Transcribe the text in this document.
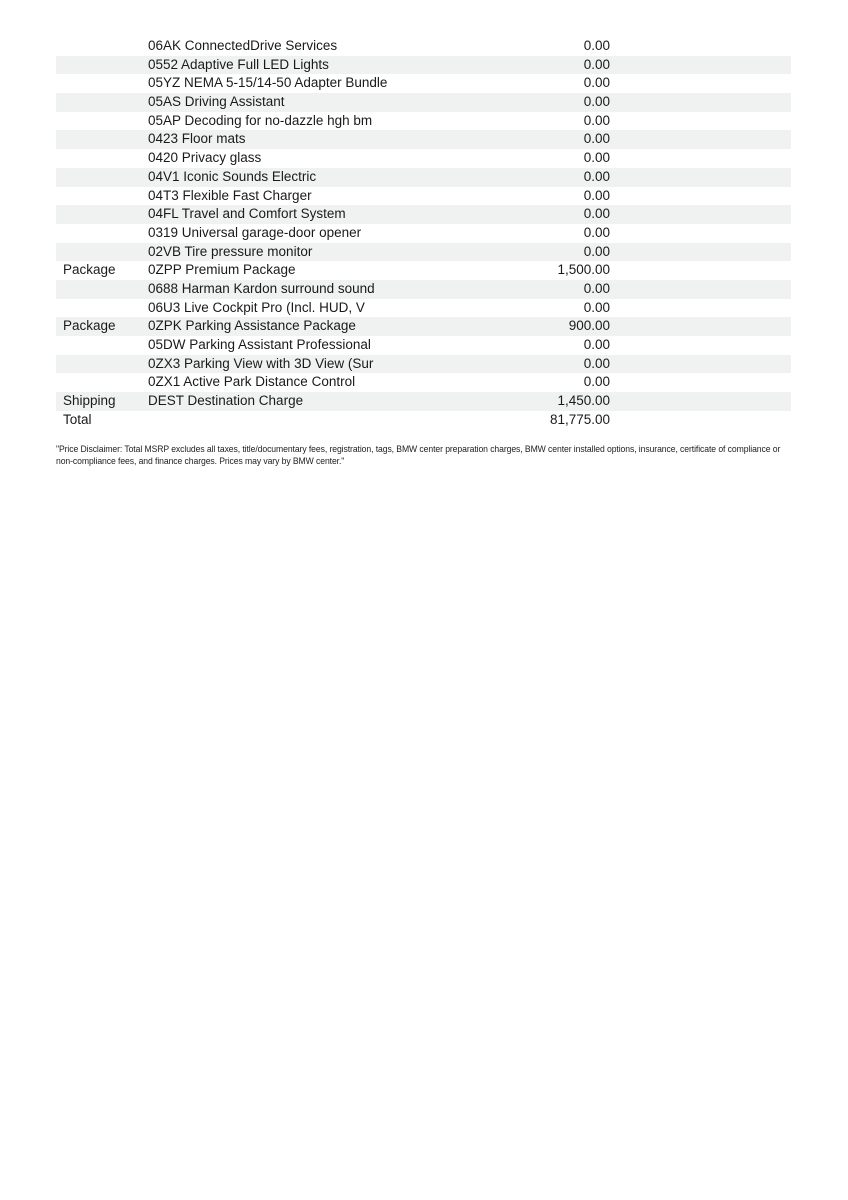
06AK ConnectedDrive Services	0.00
0552 Adaptive Full LED Lights	0.00
05YZ NEMA 5-15/14-50 Adapter Bundle	0.00
05AS Driving Assistant	0.00
05AP Decoding for no-dazzle hgh bm	0.00
0423 Floor mats	0.00
0420 Privacy glass	0.00
04V1 Iconic Sounds Electric	0.00
04T3 Flexible Fast Charger	0.00
04FL Travel and Comfort System	0.00
0319 Universal garage-door opener	0.00
02VB Tire pressure monitor	0.00
Package	0ZPP Premium Package	1,500.00
0688 Harman Kardon surround sound	0.00
06U3 Live Cockpit Pro (Incl. HUD, V	0.00
Package	0ZPK Parking Assistance Package	900.00
05DW Parking Assistant Professional	0.00
0ZX3 Parking View with 3D View (Sur	0.00
0ZX1 Active Park Distance Control	0.00
Shipping	DEST Destination Charge	1,450.00
Total	81,775.00
"Price Disclaimer: Total MSRP excludes all taxes, title/documentary fees, registration, tags, BMW center preparation charges, BMW center installed options, insurance, certificate of compliance or non-compliance fees, and finance charges. Prices may vary by BMW center."
